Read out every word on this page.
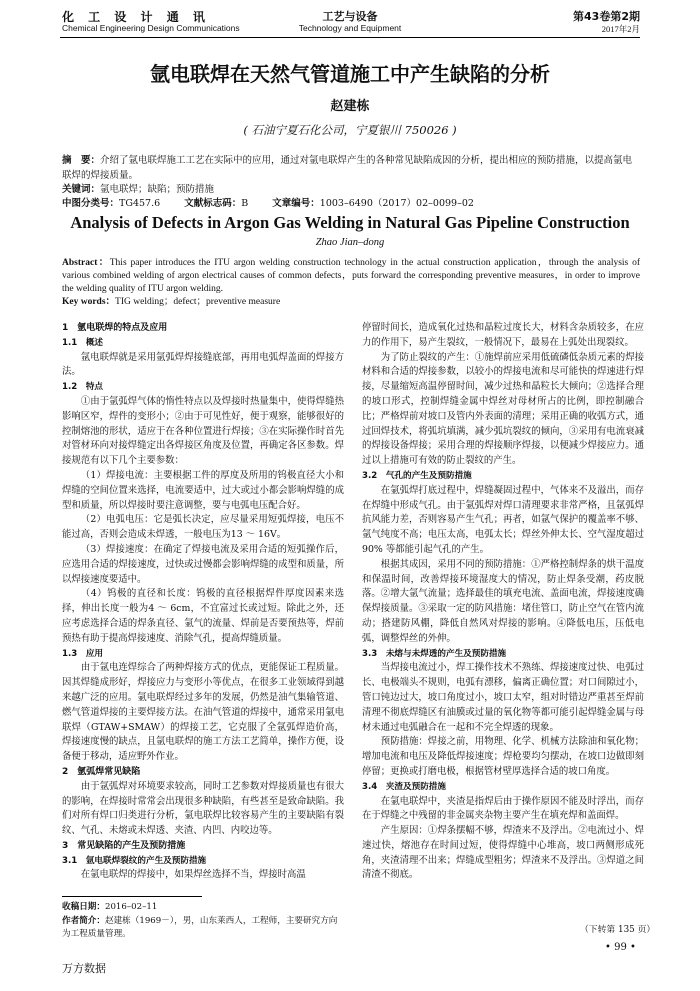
化 工 设 计 通 讯
Chemical Engineering Design Communications
工艺与设备
Technology and Equipment
第43卷第2期
2017年2月
氩电联焊在天然气管道施工中产生缺陷的分析
赵建栋
( 石油宁夏石化公司，宁夏银川 750026 )
摘　要：介绍了氩电联焊施工工艺在实际中的应用，通过对氩电联焊产生的各种常见缺陷成因的分析，提出相应的预防措施，以提高氩电联焊的焊接质量。
关键词：氩电联焊；缺陷；预防措施
中图分类号：TG457.6	文献标志码：B	文章编号：1003–6490（2017）02–0099–02
Analysis of Defects in Argon Gas Welding in Natural Gas Pipeline Construction
Zhao Jian–dong
Abstract：This paper introduces the ITU argon welding construction technology in the actual construction application，through the analysis of various combined welding of argon electrical causes of common defects，puts forward the corresponding preventive measures，in order to improve the welding quality of ITU argon welding.
Key words：TIG welding；defect；preventive measure

1　氩电联焊的特点及应用

1.1　概述

氩电联焊就是采用氩弧焊焊接缝底部，再用电弧焊盖面的焊接方法。

1.2　特点

①由于氩弧焊气体的惰性特点以及焊接时热量集中，使得焊缝热影响区窄，焊件的变形小；②由于可见性好，便于观察，能够很好的控制熔池的形状，适应于在各种位置进行焊接；③在实际操作时首先对管材环向对接焊缝定出各焊接区角度及位置，再确定各区参数。焊接规范有以下几个主要参数：

（1）焊接电流：主要根据工件的厚度及所用的钨极直径大小和焊缝的空间位置来选择，电流要适中，过大或过小都会影响焊缝的成型和质量，所以焊接时要注意调整，要与电弧电压配合好。

（2）电弧电压：它是弧长决定，应尽量采用短弧焊接，电压不能过高，否则会造成未焊透，一般电压为13 ～ 16V。

（3）焊接速度：在确定了焊接电流及采用合适的短弧操作后，应选用合适的焊接速度，过快或过慢都会影响焊缝的成型和质量，所以焊接速度要适中。

（4）钨极的直径和长度：钨极的直径根据焊件厚度因素来选择，伸出长度一般为4 ～ 6cm，不宜富过长或过短。除此之外，还应考虑选择合适的焊条直径、氩气的流量、焊前是否要预热等，焊前预热有助于提高焊接速度、消除气孔，提高焊缝质量。

1.3　应用

由于氩电连焊综合了两种焊接方式的优点，更能保证工程质量。因其焊缝成形好，焊接应力与变形小等优点，在很多工业领域得到越来越广泛的应用。氩电联焊经过多年的发展，仍然是油气集输管道、燃气管道焊接的主要焊接方法。在油气管道的焊接中，通常采用氩电联焊（GTAW+SMAW）的焊接工艺，它克服了全氩弧焊造价高，焊接速度慢的缺点，且氩电联焊的施工方法工艺简单，操作方便，设备便于移动，适应野外作业。

2　氩弧焊常见缺陷

由于氩弧焊对环境要求较高，同时工艺参数对焊接质量也有很大的影响，在焊接时常常会出现很多种缺陷，有些甚至是致命缺陷。我们对所有焊口归类进行分析，氩电联焊比较容易产生的主要缺陷有裂纹、气孔、未熔或未焊透、夹渣、内凹、内咬边等。

3　常见缺陷的产生及预防措施

3.1　氩电联焊裂纹的产生及预防措施

在氩电联焊的焊接中，如果焊丝选择不当，焊接时高温

停留时间长，造成氧化过热和晶粒过度长大，材料含杂质较多，在应力的作用下，易产生裂纹，一般情况下，最易在上弧处出现裂纹。

为了防止裂纹的产生：①施焊前应采用低硫磷低杂质元素的焊接材料和合适的焊接参数，以较小的焊接电流和尽可能快的焊速进行焊接，尽量缩短高温停留时间，减少过热和晶粒长大倾向；②选择合理的坡口形式，控制焊缝金属中焊丝对母材所占的比例，即控制融合比；严格焊前对坡口及管内外表面的清理；采用正确的收弧方式，通过回焊技术，将弧坑填满，减少弧坑裂纹的倾向，③采用有电流衰减的焊接设备焊接；采用合理的焊接顺序焊接，以便减少焊接应力。通过以上措施可有效的防止裂纹的产生。

3.2　气孔的产生及预防措施

在氩弧焊打底过程中，焊缝凝固过程中，气体来不及溢出，而存在焊缝中形成气孔。由于氩弧焊对焊口清理要求非常严格，且氩弧焊抗风能力差，否则容易产生气孔；再者，如氩气保护的覆盖率不够、氩气纯度不高；电压太高，电弧太长；焊丝外伸太长、空气湿度超过90% 等都能引起气孔的产生。

根据其成因，采用不同的预防措施：①严格控制焊条的烘干温度和保温时间，改善焊接环境湿度大的情况，防止焊条受潮，药皮脱落。②增大氩气流量；选择最佳的填充电流、盖面电流，焊接速度确保焊接质量。③采取一定的防风措施：堵住管口，防止空气在管内流动；搭建防风棚，降低自然风对焊接的影响。④降低电压，压低电弧，调整焊丝的外伸。

3.3　未熔与未焊透的产生及预防措施

当焊接电流过小，焊工操作技术不熟练、焊接速度过快、电弧过长、电极端头不规则，电弧有漂移，偏离正确位置；对口间隙过小，管口钝边过大，坡口角度过小，坡口太窄，组对时错边严重甚至焊前清理不彻底焊缝区有油膜或过量的氧化物等都可能引起焊缝金属与母材未通过电弧融合在一起和不完全焊透的现象。

预防措施：焊接之前，用物理、化学、机械方法除油和氧化物；增加电流和电压及降低焊接速度；焊枪要均匀摆动，在坡口边做即刻停留；更换或打磨电极，根据管材壁厚选择合适的坡口角度。

3.4　夹渣及预防措施

在氩电联焊中，夹渣是指焊后由于操作原因不能及时浮出，而存在于焊缝之中残留的非金属夹杂物主要产生在填充焊和盖面焊。

产生原因：①焊条摆幅不够，焊渣来不及浮出。②电流过小、焊速过快，熔池存在时间过短，使得焊缝中心堆高，坡口两侧形成死角，夹渣清理不出来；焊缝成型粗劣；焊渣来不及浮出。③焊道之间清渣不彻底。

收稿日期：2016–02–11
作者简介：赵建栋（1969－），男，山东莱西人，工程师，主要研究方向为工程质量管理。	（下转第 135 页）
• 99 •
万方数据
